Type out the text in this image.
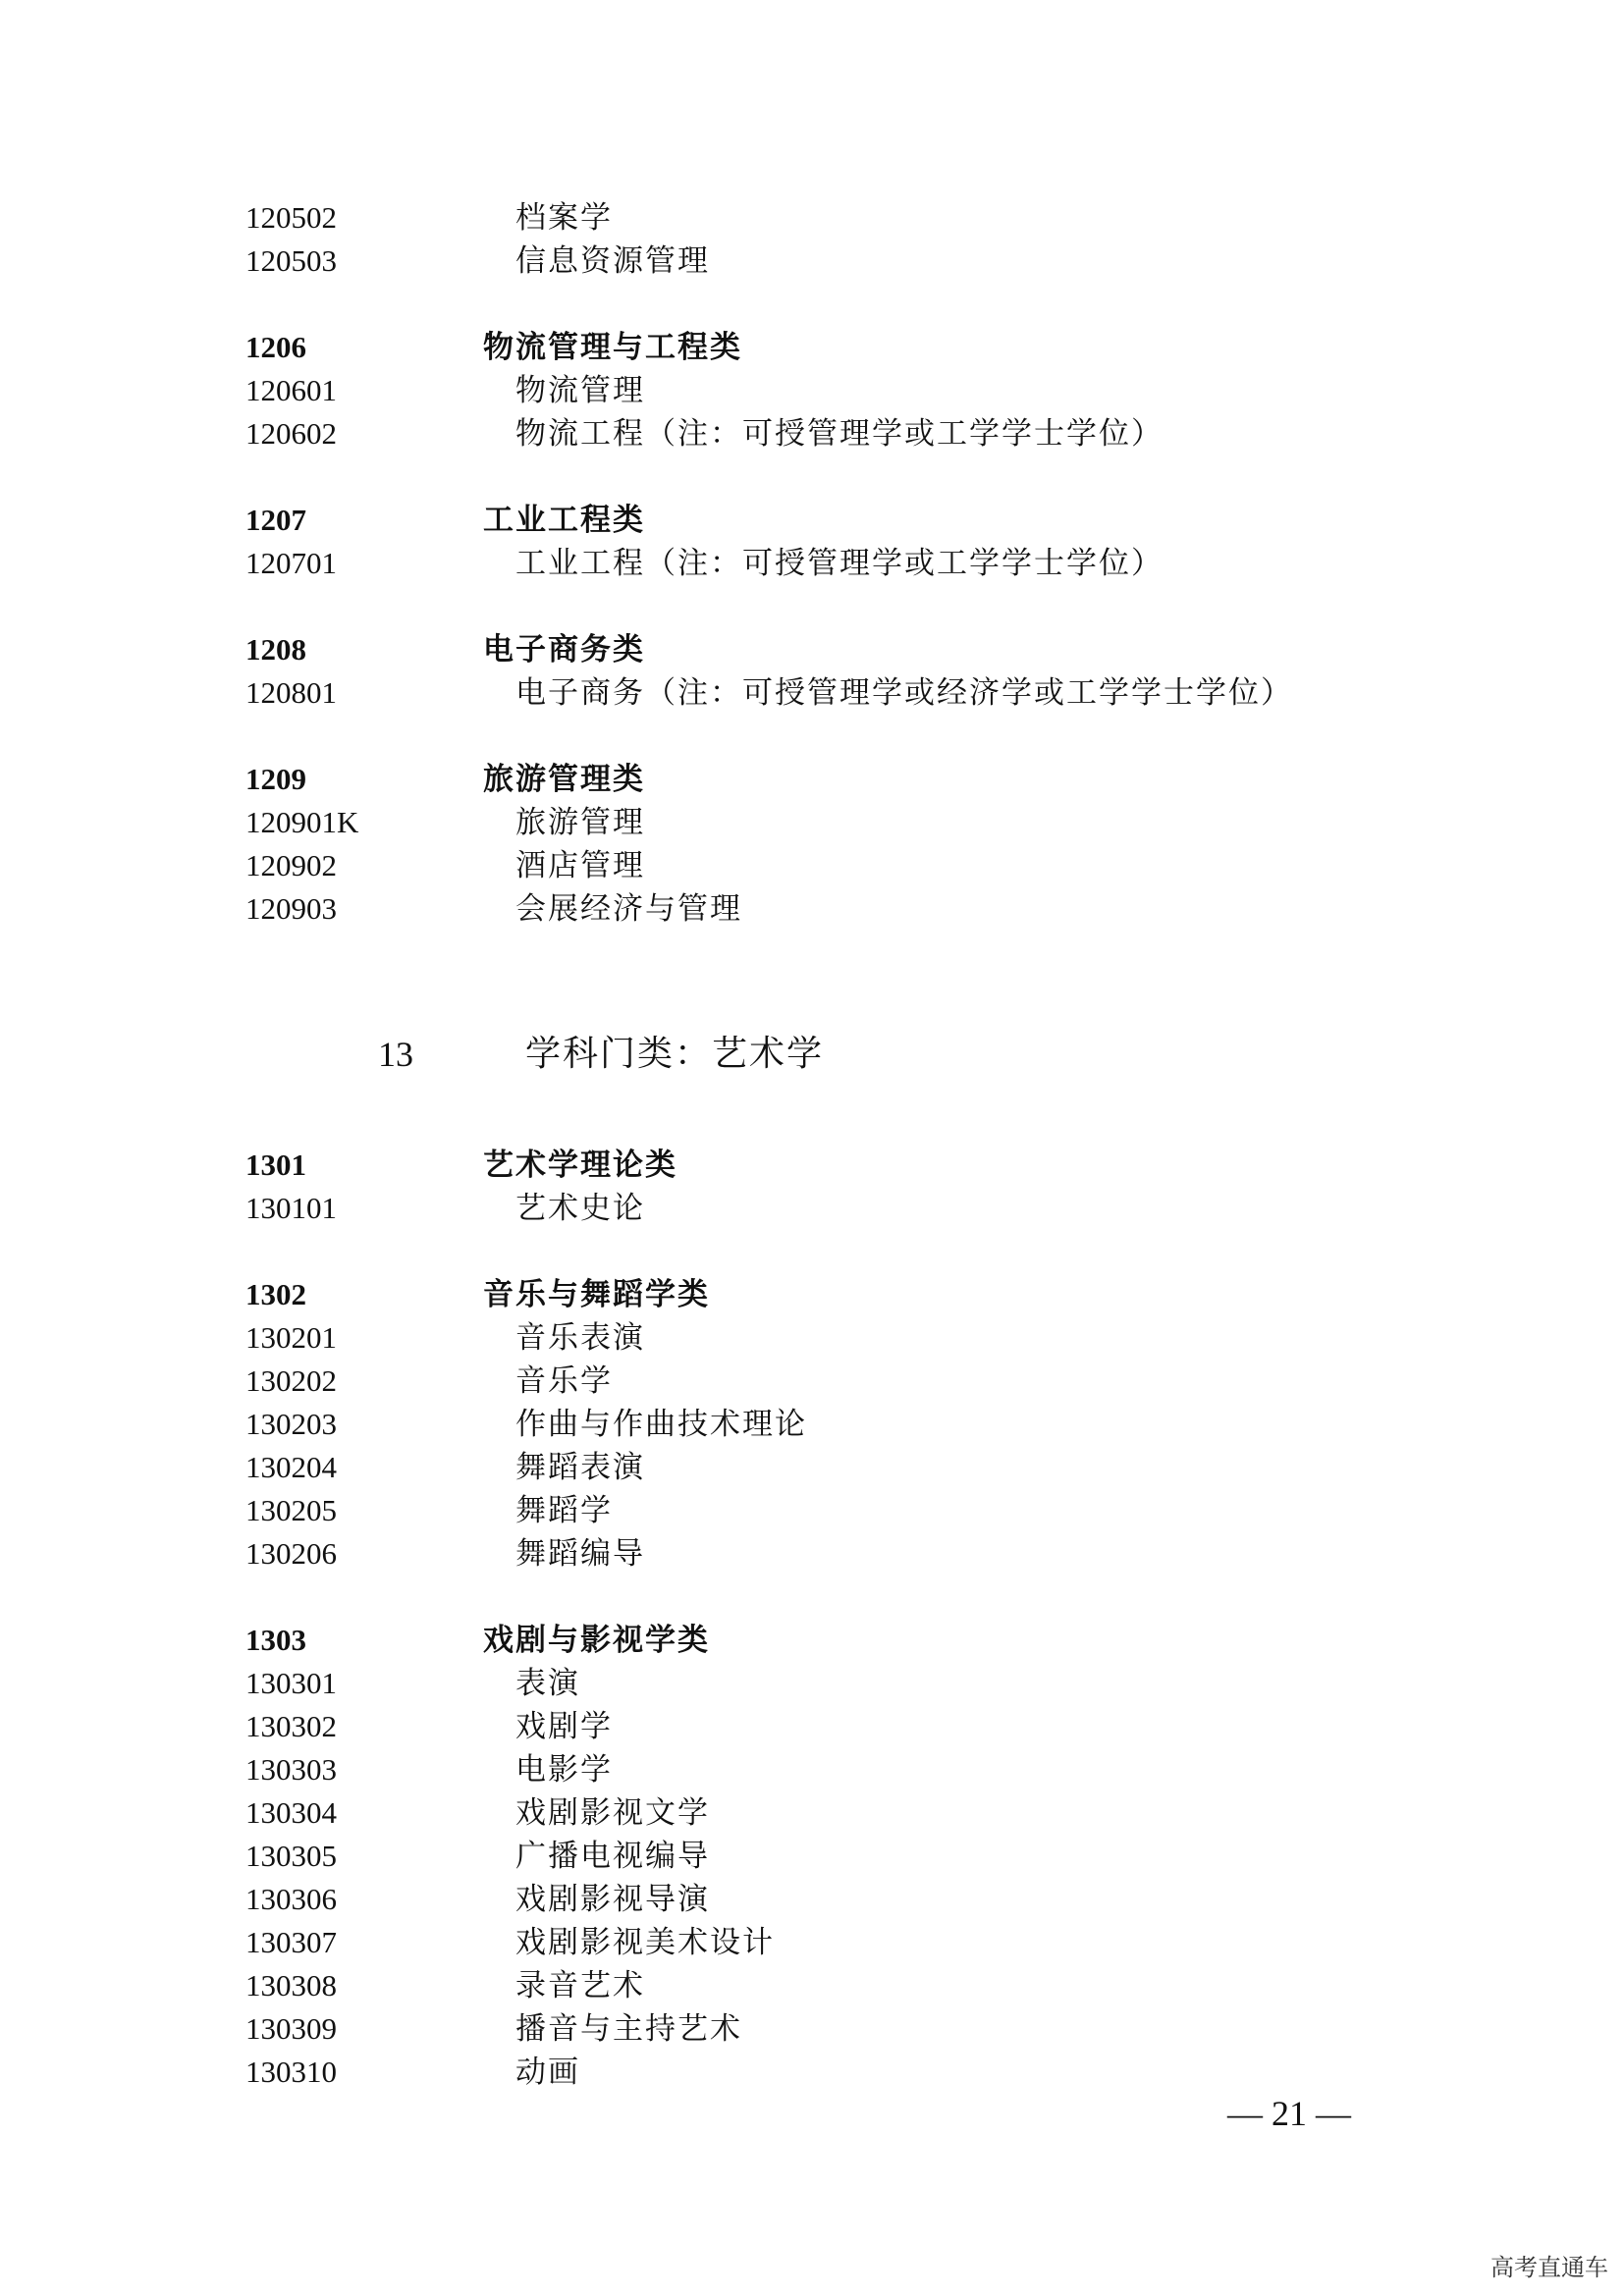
120502	档案学
120503	信息资源管理
1206	物流管理与工程类
120601	物流管理
120602	物流工程（注：可授管理学或工学学士学位）
1207	工业工程类
120701	工业工程（注：可授管理学或工学学士学位）
1208	电子商务类
120801	电子商务（注：可授管理学或经济学或工学学士学位）
1209	旅游管理类
120901K	旅游管理
120902	酒店管理
120903	会展经济与管理
13	学科门类：艺术学
1301	艺术学理论类
130101	艺术史论
1302	音乐与舞蹈学类
130201	音乐表演
130202	音乐学
130203	作曲与作曲技术理论
130204	舞蹈表演
130205	舞蹈学
130206	舞蹈编导
1303	戏剧与影视学类
130301	表演
130302	戏剧学
130303	电影学
130304	戏剧影视文学
130305	广播电视编导
130306	戏剧影视导演
130307	戏剧影视美术设计
130308	录音艺术
130309	播音与主持艺术
130310	动画
— 21 —
高考直通车
